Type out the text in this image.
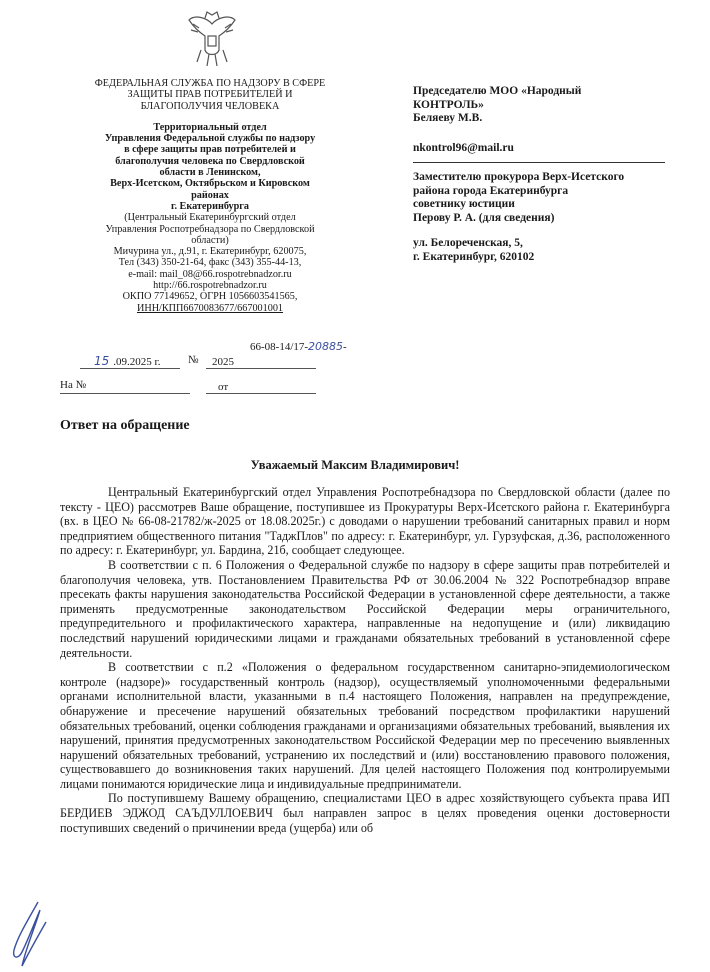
ФЕДЕРАЛЬНАЯ СЛУЖБА ПО НАДЗОРУ В СФЕРЕ
ЗАЩИТЫ ПРАВ ПОТРЕБИТЕЛЕЙ И
БЛАГОПОЛУЧИЯ ЧЕЛОВЕКА
Территориальный отдел
Управления Федеральной службы по надзору
в сфере защиты прав потребителей и
благополучия человека по Свердловской
области в Ленинском,
Верх-Исетском, Октябрьском и Кировском
районах
г. Екатеринбурга
(Центральный Екатеринбургский отдел
Управления Роспотребнадзора по Свердловской
области)
Мичурина ул., д.91, г. Екатеринбург, 620075,
Тел (343) 350-21-64, факс (343) 355-44-13,
e-mail: mail_08@66.rospotrebnadzor.ru
http://66.rospotrebnadzor.ru
ОКПО 77149652, ОГРН 1056603541565,
ИНН/КПП6670083677/667001001
66-08-14/17-20885-
15 .09.2025 г. № 2025
На №	от

Председателю МОО «Народный

КОНТРОЛЬ»

Беляеву М.В.

nkontrol96@mail.ru

Заместителю прокурора Верх-Исетского

района города Екатеринбурга

советнику юстиции

Перову Р. А. (для сведения)

ул. Белореченская, 5,

г. Екатеринбург, 620102

Ответ на обращение
Уважаемый Максим Владимирович!

Центральный Екатеринбургский отдел Управления Роспотребнадзора по Свердловской области (далее по тексту - ЦЕО) рассмотрев Ваше обращение, поступившее из Прокуратуры Верх-Исетского района г. Екатеринбурга (вх. в ЦЕО № 66-08-21782/ж-2025 от 18.08.2025г.) с доводами о нарушении требований санитарных правил и норм предприятием общественного питания "ТаджПлов" по адресу: г. Екатеринбург, ул. Гурзуфская, д.36, расположенного по адресу: г. Екатеринбург, ул. Бардина, 21б, сообщает следующее.

В соответствии с п. 6 Положения о Федеральной службе по надзору в сфере защиты прав потребителей и благополучия человека, утв. Постановлением Правительства РФ от 30.06.2004 № 322 Роспотребнадзор вправе пресекать факты нарушения законодательства Российской Федерации в установленной сфере деятельности, а также применять предусмотренные законодательством Российской Федерации меры ограничительного, предупредительного и профилактического характера, направленные на недопущение и (или) ликвидацию последствий нарушений юридическими лицами и гражданами обязательных требований в установленной сфере деятельности.

В соответствии с п.2 «Положения о федеральном государственном санитарно-эпидемиологическом контроле (надзоре)» государственный контроль (надзор), осуществляемый уполномоченными федеральными органами исполнительной власти, указанными в п.4 настоящего Положения, направлен на предупреждение, обнаружение и пресечение нарушений обязательных требований посредством профилактики нарушений обязательных требований, оценки соблюдения гражданами и организациями обязательных требований, выявления их нарушений, принятия предусмотренных законодательством Российской Федерации мер по пресечению выявленных нарушений обязательных требований, устранению их последствий и (или) восстановлению правового положения, существовавшего до возникновения таких нарушений. Для целей настоящего Положения под контролируемыми лицами понимаются юридические лица и индивидуальные предприниматели.

По поступившему Вашему обращению, специалистами ЦЕО в адрес хозяйствующего субъекта права ИП БЕРДИЕВ ЭДЖОД САЪДУЛЛОЕВИЧ был направлен запрос в целях проведения оценки достоверности поступивших сведений о причинении вреда (ущерба) или об
